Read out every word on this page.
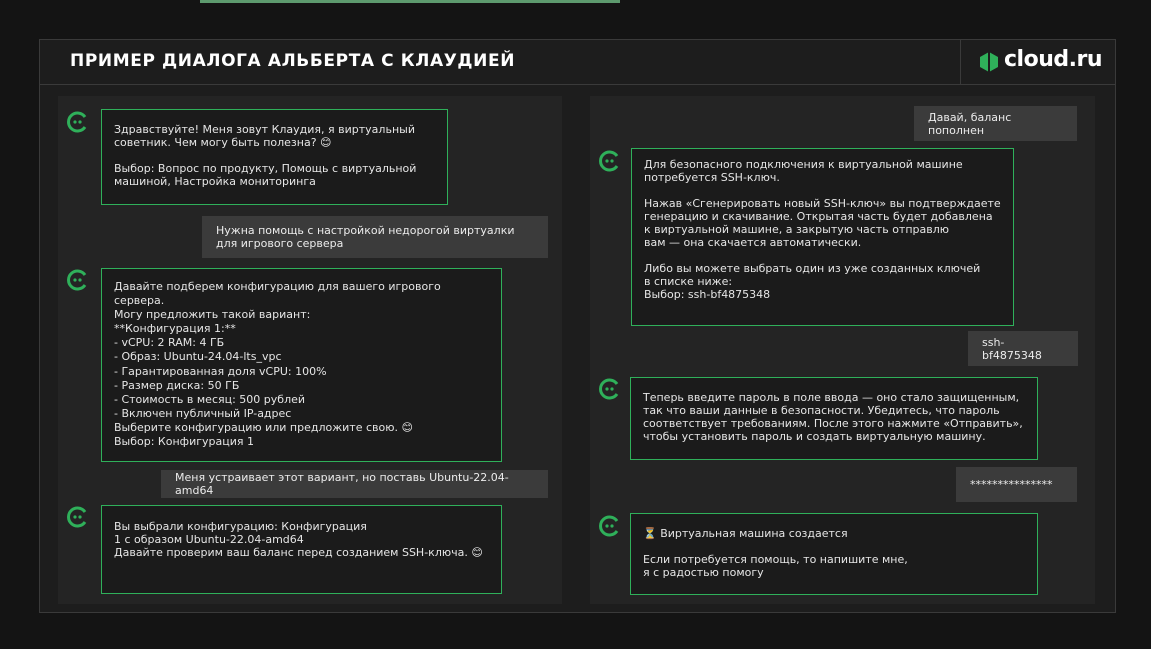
ПРИМЕР ДИАЛОГА АЛЬБЕРТА С КЛАУДИЕЙ	cloud.ru
Здравствуйте! Меня зовут Клаудия, я виртуальный
советник. Чем могу быть полезна? 😊

Выбор: Вопрос по продукту, Помощь с виртуальной
машиной, Настройка мониторинга
Нужна помощь с настройкой недорогой виртуалки
для игрового сервера
Давайте подберем конфигурацию для вашего игрового сервера.
Могу предложить такой вариант:
**Конфигурация 1:**
- vCPU: 2 RAM: 4 ГБ
- Образ: Ubuntu-24.04-lts_vpc
- Гарантированная доля vCPU: 100%
- Размер диска: 50 ГБ
- Стоимость в месяц: 500 рублей
- Включен публичный IP-адрес
Выберите конфигурацию или предложите свою. 😊
Выбор: Конфигурация 1
Меня устраивает этот вариант, но поставь Ubuntu-22.04-amd64
Вы выбрали конфигурацию: Конфигурация
1 с образом Ubuntu-22.04-amd64
Давайте проверим ваш баланс перед созданием SSH-ключа. 😊
Давай, баланс пополнен
Для безопасного подключения к виртуальной машине
потребуется SSH-ключ.

Нажав «Сгенерировать новый SSH-ключ» вы подтверждаете
генерацию и скачивание. Открытая часть будет добавлена
к виртуальной машине, а закрытую часть отправлю
вам — она скачается автоматически.

Либо вы можете выбрать один из уже созданных ключей
в списке ниже:
Выбор: ssh-bf4875348
ssh-bf4875348
Теперь введите пароль в поле ввода — оно стало защищенным,
так что ваши данные в безопасности. Убедитесь, что пароль
соответствует требованиям. После этого нажмите «Отправить»,
чтобы установить пароль и создать виртуальную машину.
***************
⏳ Виртуальная машина создается

Если потребуется помощь, то напишите мне,
я с радостью помогу
